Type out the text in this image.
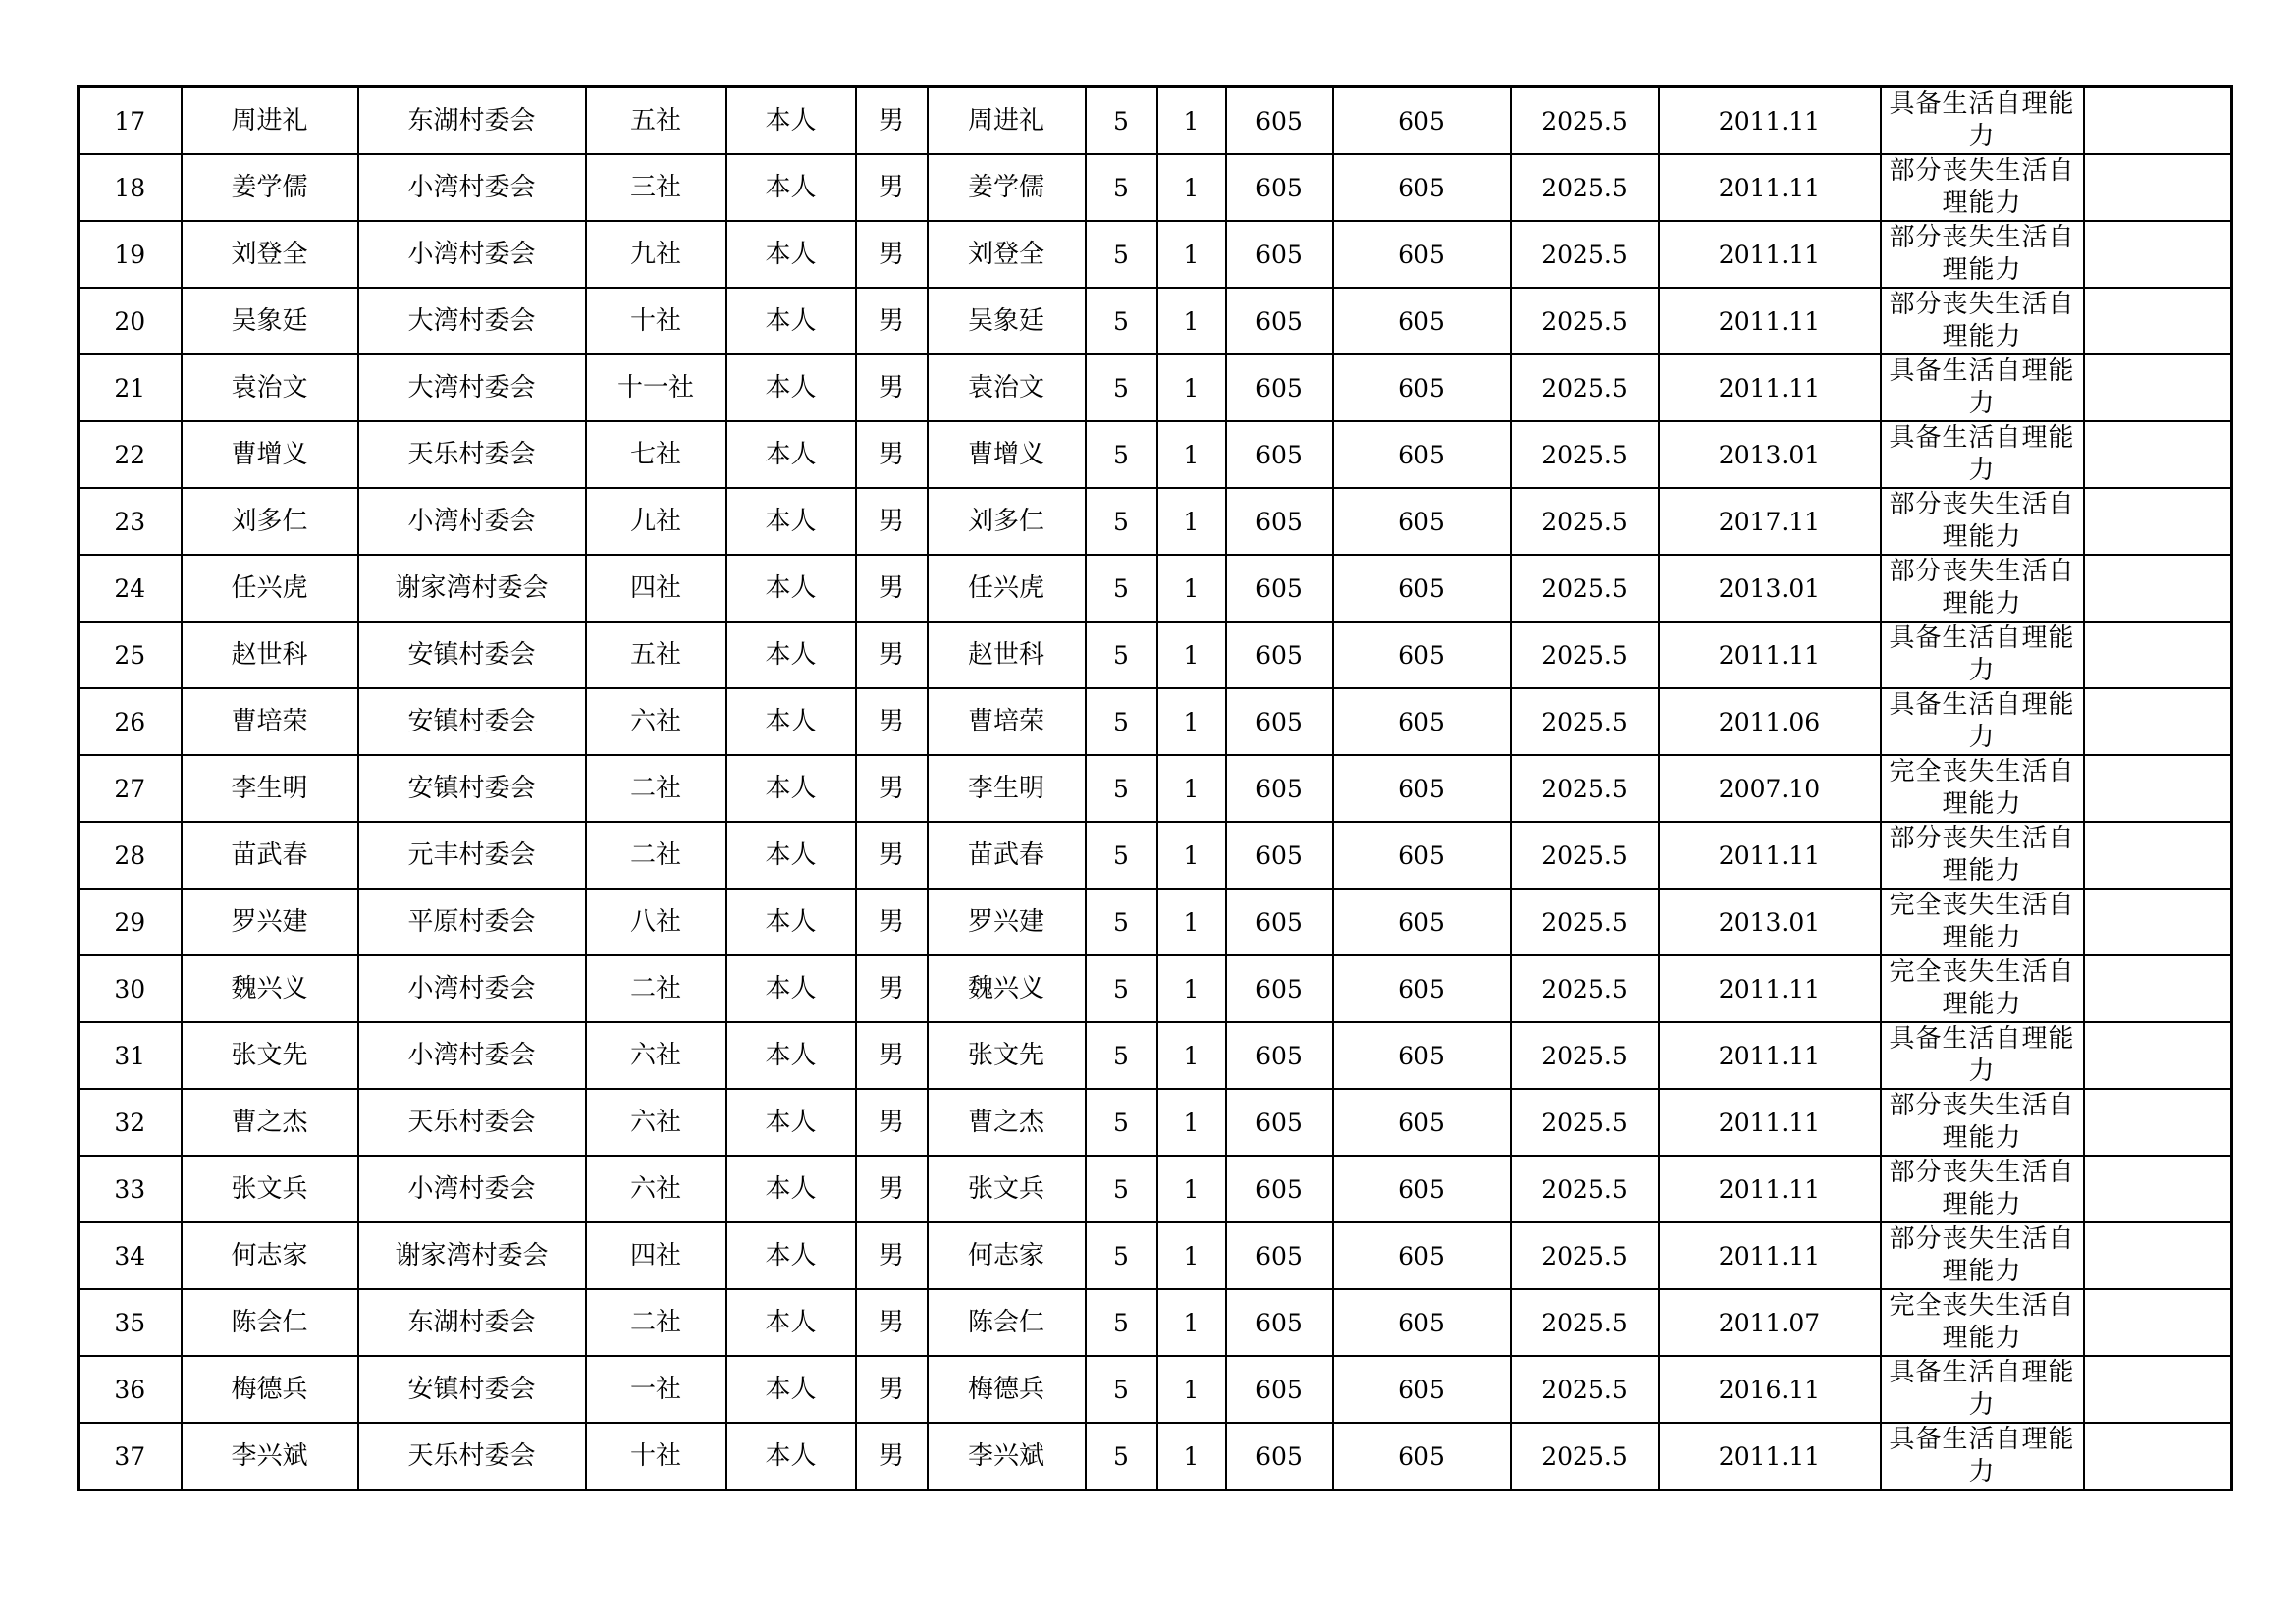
17	周进礼	东湖村委会	五社	本人	男	周进礼	5	1	605	605	2025.5	2011.11	具备生活自理能力	
18	姜学儒	小湾村委会	三社	本人	男	姜学儒	5	1	605	605	2025.5	2011.11	部分丧失生活自理能力	
19	刘登全	小湾村委会	九社	本人	男	刘登全	5	1	605	605	2025.5	2011.11	部分丧失生活自理能力	
20	吴象廷	大湾村委会	十社	本人	男	吴象廷	5	1	605	605	2025.5	2011.11	部分丧失生活自理能力	
21	袁治文	大湾村委会	十一社	本人	男	袁治文	5	1	605	605	2025.5	2011.11	具备生活自理能力	
22	曹增义	天乐村委会	七社	本人	男	曹增义	5	1	605	605	2025.5	2013.01	具备生活自理能力	
23	刘多仁	小湾村委会	九社	本人	男	刘多仁	5	1	605	605	2025.5	2017.11	部分丧失生活自理能力	
24	任兴虎	谢家湾村委会	四社	本人	男	任兴虎	5	1	605	605	2025.5	2013.01	部分丧失生活自理能力	
25	赵世科	安镇村委会	五社	本人	男	赵世科	5	1	605	605	2025.5	2011.11	具备生活自理能力	
26	曹培荣	安镇村委会	六社	本人	男	曹培荣	5	1	605	605	2025.5	2011.06	具备生活自理能力	
27	李生明	安镇村委会	二社	本人	男	李生明	5	1	605	605	2025.5	2007.10	完全丧失生活自理能力	
28	苗武春	元丰村委会	二社	本人	男	苗武春	5	1	605	605	2025.5	2011.11	部分丧失生活自理能力	
29	罗兴建	平原村委会	八社	本人	男	罗兴建	5	1	605	605	2025.5	2013.01	完全丧失生活自理能力	
30	魏兴义	小湾村委会	二社	本人	男	魏兴义	5	1	605	605	2025.5	2011.11	完全丧失生活自理能力	
31	张文先	小湾村委会	六社	本人	男	张文先	5	1	605	605	2025.5	2011.11	具备生活自理能力	
32	曹之杰	天乐村委会	六社	本人	男	曹之杰	5	1	605	605	2025.5	2011.11	部分丧失生活自理能力	
33	张文兵	小湾村委会	六社	本人	男	张文兵	5	1	605	605	2025.5	2011.11	部分丧失生活自理能力	
34	何志家	谢家湾村委会	四社	本人	男	何志家	5	1	605	605	2025.5	2011.11	部分丧失生活自理能力	
35	陈会仁	东湖村委会	二社	本人	男	陈会仁	5	1	605	605	2025.5	2011.07	完全丧失生活自理能力	
36	梅德兵	安镇村委会	一社	本人	男	梅德兵	5	1	605	605	2025.5	2016.11	具备生活自理能力	
37	李兴斌	天乐村委会	十社	本人	男	李兴斌	5	1	605	605	2025.5	2011.11	具备生活自理能力	
